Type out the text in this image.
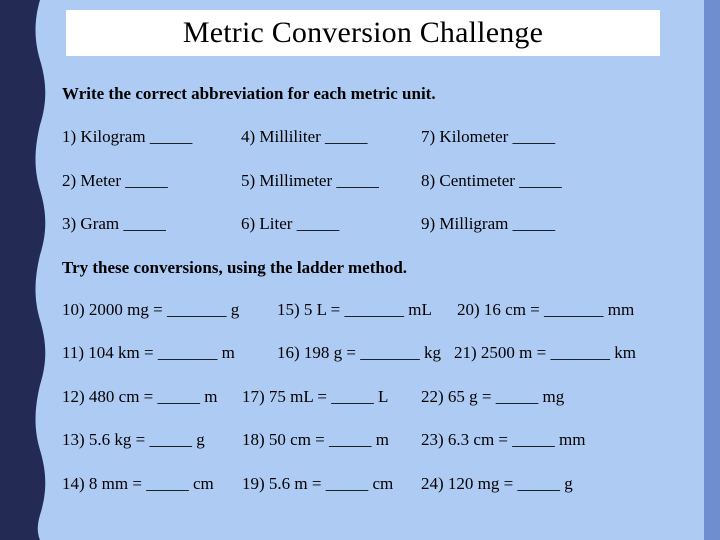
Metric Conversion Challenge
Write the correct abbreviation for each metric unit.
1) Kilogram _____	4) Milliliter _____	7) Kilometer _____
2) Meter _____	5) Millimeter _____ 8) Centimeter _____
3) Gram _____	6) Liter _____	9) Milligram _____
Try these conversions, using the ladder method.
10) 2000 mg = _______ g 15) 5 L = _______ mL 20) 16 cm = _______ mm
11) 104 km = _______ m 16) 198 g = _______ kg 21) 2500 m = _______ km
12) 480 cm = _____ m 17) 75 mL = _____ L 22) 65 g = _____ mg
13) 5.6 kg = _____ g 18) 50 cm = _____ m 23) 6.3 cm = _____ mm
14) 8 mm = _____ cm 19) 5.6 m = _____ cm 24) 120 mg = _____ g
